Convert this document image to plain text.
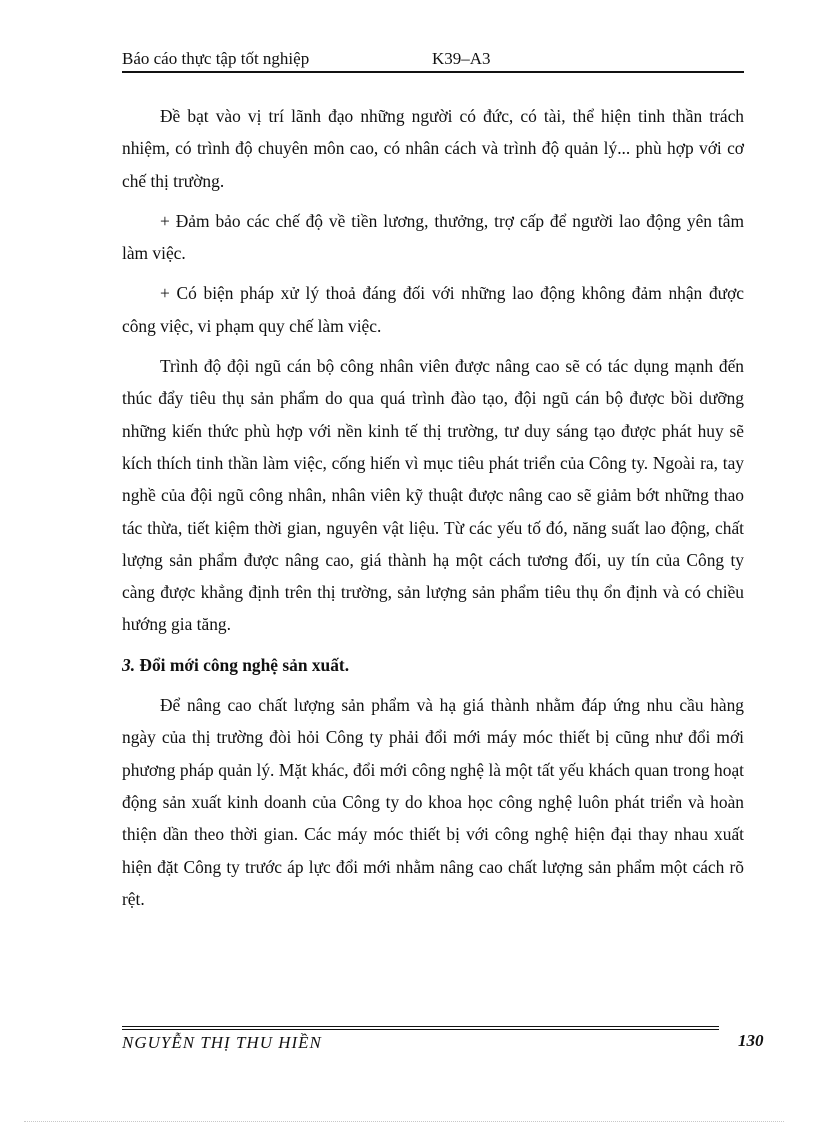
Báo cáo thực tập tốt nghiệp	K39–A3

Đề bạt vào vị trí lãnh đạo những người có đức, có tài, thể hiện tinh thần trách nhiệm, có trình độ chuyên môn cao, có nhân cách và trình độ quản lý... phù hợp với cơ chế thị trường.

+ Đảm bảo các chế độ về tiền lương, thưởng, trợ cấp để người lao động yên tâm làm việc.

+ Có biện pháp xử lý thoả đáng đối với những lao động không đảm nhận được công việc, vi phạm quy chế làm việc.

Trình độ đội ngũ cán bộ công nhân viên được nâng cao sẽ có tác dụng mạnh đến thúc đẩy tiêu thụ sản phẩm do qua quá trình đào tạo, đội ngũ cán bộ được bồi dưỡng những kiến thức phù hợp với nền kinh tế thị trường, tư duy sáng tạo được phát huy sẽ kích thích tinh thần làm việc, cống hiến vì mục tiêu phát triển của Công ty. Ngoài ra, tay nghề của đội ngũ công nhân, nhân viên kỹ thuật được nâng cao sẽ giảm bớt những thao tác thừa, tiết kiệm thời gian, nguyên vật liệu. Từ các yếu tố đó, năng suất lao động, chất lượng sản phẩm được nâng cao, giá thành hạ một cách tương đối, uy tín của Công ty càng được khẳng định trên thị trường, sản lượng sản phẩm tiêu thụ ổn định và có chiều hướng gia tăng.

3. Đổi mới công nghệ sản xuất.

Để nâng cao chất lượng sản phẩm và hạ giá thành nhằm đáp ứng nhu cầu hàng ngày của thị trường đòi hỏi Công ty phải đổi mới máy móc thiết bị cũng như đổi mới phương pháp quản lý. Mặt khác, đổi mới công nghệ là một tất yếu khách quan trong hoạt động sản xuất kinh doanh của Công ty do khoa học công nghệ luôn phát triển và hoàn thiện dần theo thời gian. Các máy móc thiết bị với công nghệ hiện đại thay nhau xuất hiện đặt Công ty trước áp lực đổi mới nhằm nâng cao chất lượng sản phẩm một cách rõ rệt.

NGUYỄN THỊ THU HIỀN	130
